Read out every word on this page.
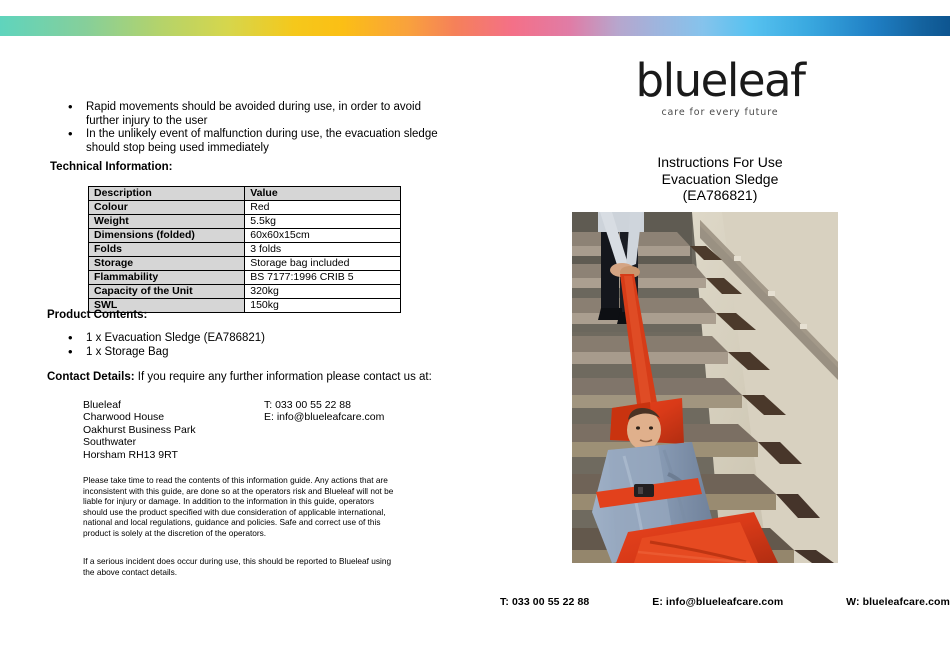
• Rapid movements should be avoided during use, in order to avoid further injury to the user
• In the unlikely event of malfunction during use, the evacuation sledge should stop being used immediately
Technical Information:
Description	Value
Colour	Red
Weight	5.5kg
Dimensions (folded)	60x60x15cm
Folds	3 folds
Storage	Storage bag included
Flammability	BS 7177:1996 CRIB 5
Capacity of the Unit	320kg
SWL	150kg
Product Contents:
• 1 x Evacuation Sledge (EA786821)
• 1 x Storage Bag
Contact Details: If you require any further information please contact us at:
Blueleaf
Charwood House
Oakhurst Business Park
Southwater
Horsham RH13 9RT
T: 033 00 55 22 88
E: info@blueleafcare.com
Please take time to read the contents of this information guide. Any actions that are inconsistent with this guide, are done so at the operators risk and Blueleaf will not be liable for injury or damage. In addition to the information in this guide, operators should use the product specified with due consideration of applicable international, national and local regulations, guidance and policies. Safe and correct use of this product is solely at the discretion of the operators.
If a serious incident does occur during use, this should be reported to Blueleaf using the above contact details.
blueleaf
care for every future
Instructions For Use
Evacuation Sledge
(EA786821)
T: 033 00 55 22 88	E: info@blueleafcare.com	W: blueleafcare.com
